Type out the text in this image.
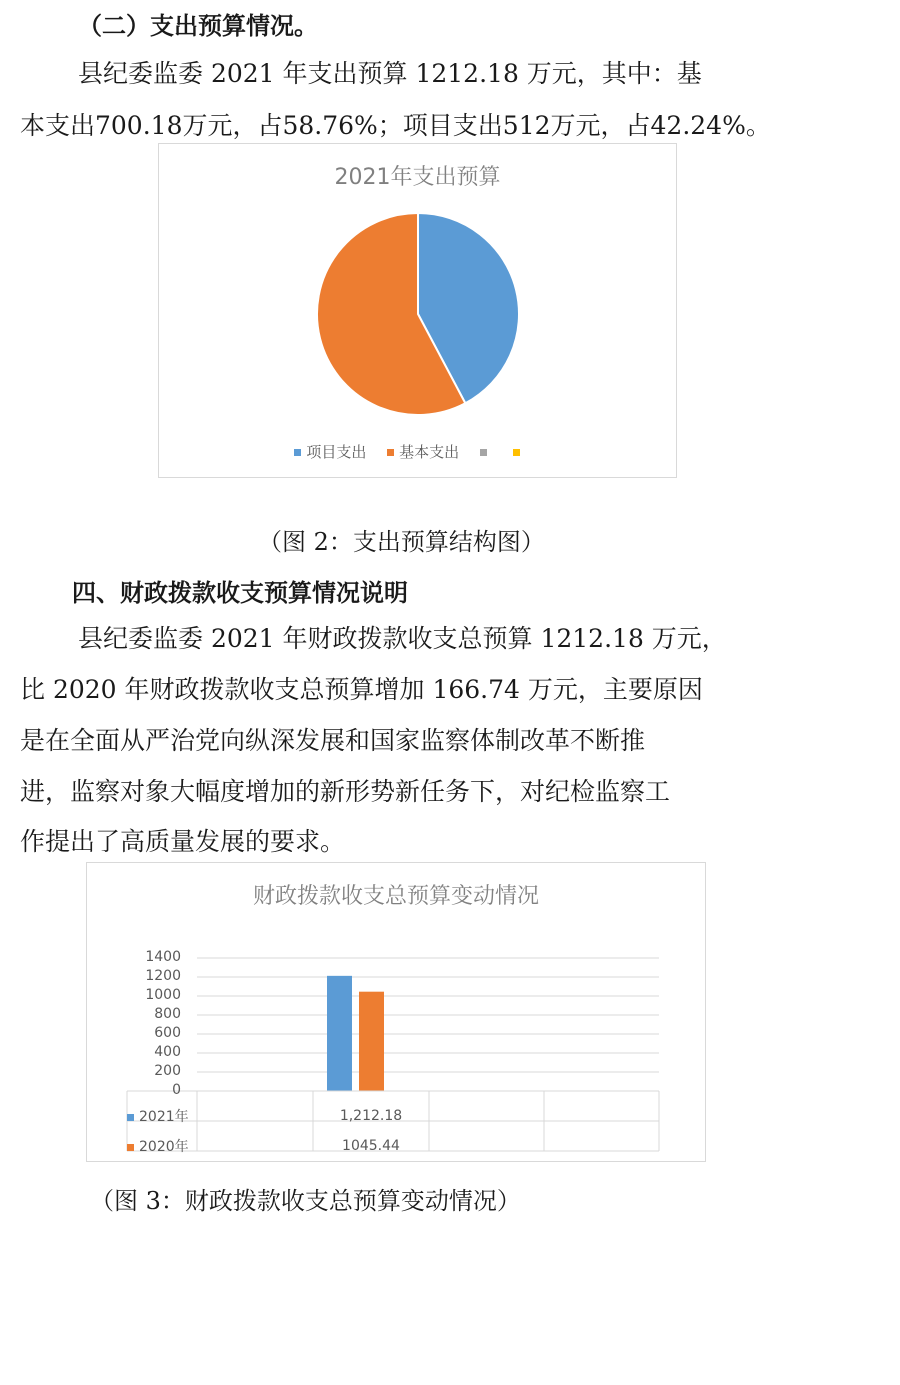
（二）支出预算情况。
县纪委监委 2021 年支出预算 1212.18 万元，其中：基
本支出700.18万元，占58.76%；项目支出512万元，占42.24%。
2021年支出预算
项目支出 基本支出
（图 2：支出预算结构图）
四、财政拨款收支预算情况说明
县纪委监委 2021 年财政拨款收支总预算 1212.18 万元，
比 2020 年财政拨款收支总预算增加 166.74 万元，主要原因
是在全面从严治党向纵深发展和国家监察体制改革不断推
进，监察对象大幅度增加的新形势新任务下，对纪检监察工
作提出了高质量发展的要求。
财政拨款收支总预算变动情况
1400
1200
1000
800
600
400
200
0
2021年
2020年
1,212.18
1045.44
（图 3：财政拨款收支总预算变动情况）
